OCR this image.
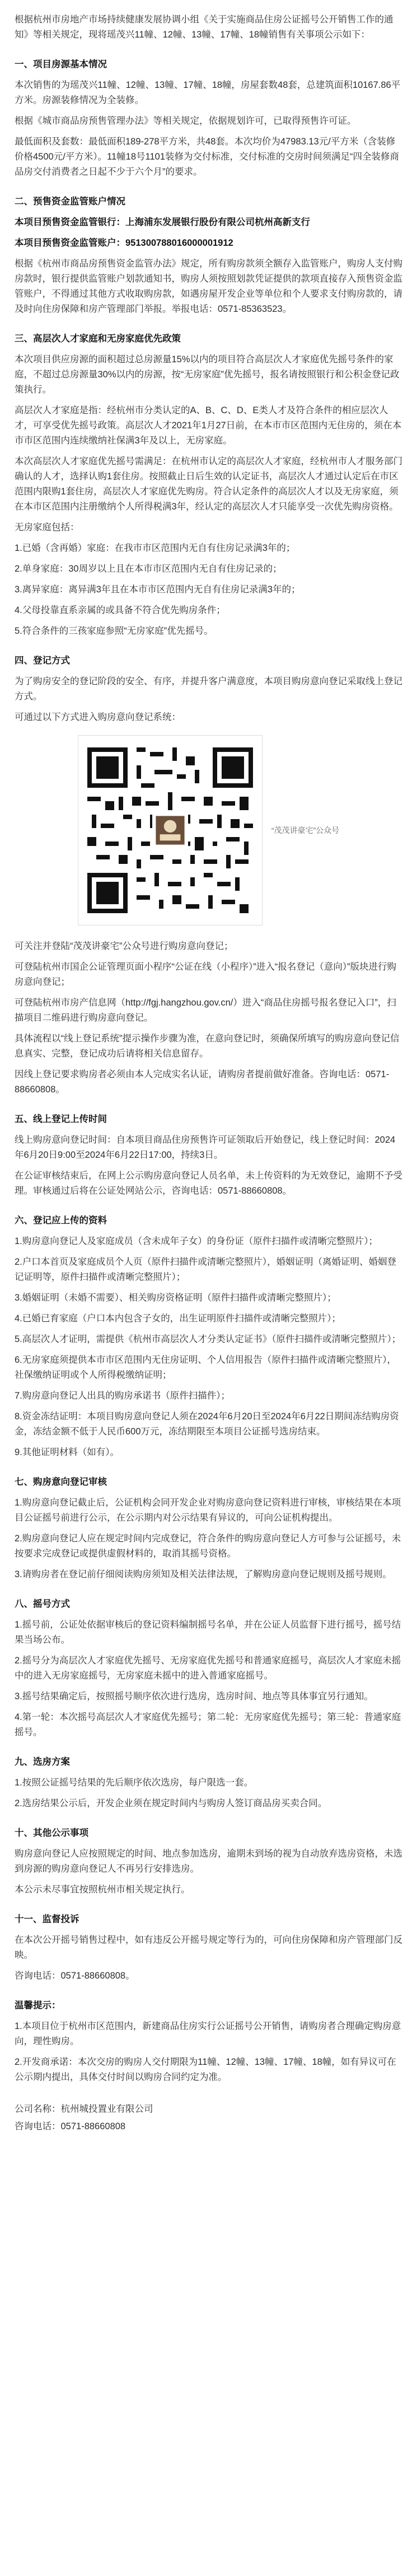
根据杭州市房地产市场持续健康发展协调小组《关于实施商品住房公证摇号公开销售工作的通知》等相关规定，现将瑶茂兴11幢、12幢、13幢、17幢、18幢销售有关事项公示如下：

一、项目房源基本情况

本次销售的为瑶茂兴11幢、12幢、13幢、17幢、18幢，房屋套数48套，总建筑面积10167.86平方米。房源装修情况为全装修。

根据《城市商品房预售管理办法》等相关规定，依据规划许可，已取得预售许可证。

最低面积及套数：最低面积189-278平方米，共48套。本次均价为47983.13元/平方米（含装修价格4500元/平方米）。11幢18号1101装修为交付标准，交付标准的交房时间须满足“四全装修商品房交付消费者之日起不少于六个月”的要求。

二、预售资金监管账户情况

本项目预售资金监管银行：上海浦东发展银行股份有限公司杭州高新支行

本项目预售资金监管账户：951300788016000001912

根据《杭州市商品房预售资金监管办法》规定，所有购房款须全额存入监管账户，购房人支付购房款时，银行提供监管账户划款通知书，购房人须按照划款凭证提供的款项直接存入预售资金监管账户，不得通过其他方式收取购房款，如遇房屋开发企业等单位和个人要求支付购房款的，请及时向住房保障和房产管理部门举报。举报电话：0571-85363523。

三、高层次人才家庭和无房家庭优先政策

本次项目供应房源的面积超过总房源量15%以内的项目符合高层次人才家庭优先摇号条件的家庭，不超过总房源量30%以内的房源，按“无房家庭”优先摇号，报名请按照银行和公积金登记政策执行。

高层次人才家庭是指：经杭州市分类认定的A、B、C、D、E类人才及符合条件的相应层次人才，可享受优先摇号政策。高层次人才2021年1月27日前，在本市市区范围内无住房的，须在本市市区范围内连续缴纳社保满3年及以上，无房家庭。

本次高层次人才家庭优先摇号需满足：在杭州市认定的高层次人才家庭，经杭州市人才服务部门确认的人才，选择认购1套住房。按照截止日后生效的认定证书，高层次人才通过认定后在市区范围内限购1套住房，高层次人才家庭优先购房。符合认定条件的高层次人才以及无房家庭，须在本市区范围内注册缴纳个人所得税满3年，经认定的高层次人才只能享受一次优先购房资格。

无房家庭包括：

1.已婚（含再婚）家庭：在我市市区范围内无自有住房记录满3年的；

2.单身家庭：30周岁以上且在本市市区范围内无自有住房记录的；

3.离异家庭：离异满3年且在本市市区范围内无自有住房记录满3年的；

4.父母投靠直系亲属的或具备不符合优先购房条件；

5.符合条件的三孩家庭参照“无房家庭”优先摇号。

四、登记方式

为了购房安全的登记阶段的安全、有序，并提升客户满意度，本项目购房意向登记采取线上登记方式。

可通过以下方式进入购房意向登记系统：

“茂茂讲豪宅”公众号

可关注并登陆“茂茂讲豪宅”公众号进行购房意向登记；

可登陆杭州市国企公证管理页面小程序“公证在线（小程序）”进入“报名登记（意向）”版块进行购房意向登记；

可登陆杭州市房产信息网（http://fgj.hangzhou.gov.cn/）进入“商品住房摇号报名登记入口”，扫描项目二维码进行购房意向登记。

具体流程以“线上登记系统”提示操作步骤为准，在意向登记时，须确保所填写的购房意向登记信息真实、完整，登记成功后请将相关信息留存。

因线上登记要求购房者必须由本人完成实名认证，请购房者提前做好准备。咨询电话：0571-88660808。

五、线上登记上传时间

线上购房意向登记时间：自本项目商品住房预售许可证领取后开始登记，线上登记时间：2024年6月20日9:00至2024年6月22日17:00，持续3日。

在公证审核结束后，在网上公示购房意向登记人员名单，未上传资料的为无效登记，逾期不予受理。审核通过后将在公证处网站公示，咨询电话：0571-88660808。

六、登记应上传的资料

1.购房意向登记人及家庭成员（含未成年子女）的身份证（原件扫描件或清晰完整照片）；

2.户口本首页及家庭成员个人页（原件扫描件或清晰完整照片），婚姻证明（离婚证明、婚姻登记证明等，原件扫描件或清晰完整照片）；

3.婚姻证明（未婚不需要）、相关购房资格证明（原件扫描件或清晰完整照片）；

4.已婚已育家庭（户口本内包含子女的，出生证明原件扫描件或清晰完整照片）；

5.高层次人才证明，需提供《杭州市高层次人才分类认定证书》（原件扫描件或清晰完整照片）；

6.无房家庭须提供本市市区范围内无住房证明、个人信用报告（原件扫描件或清晰完整照片），社保缴纳证明或个人所得税缴纳证明；

7.购房意向登记人出具的购房承诺书（原件扫描件）；

8.资金冻结证明：本项目购房意向登记人须在2024年6月20日至2024年6月22日期间冻结购房资金，冻结金额不低于人民币600万元，冻结期限至本项目公证摇号选房结束。

9.其他证明材料（如有）。

七、购房意向登记审核

1.购房意向登记截止后，公证机构会同开发企业对购房意向登记资料进行审核，审核结果在本项目公证摇号前进行公示，在公示期内对公示结果有异议的，可向公证机构提出。

2.购房意向登记人应在规定时间内完成登记，符合条件的购房意向登记人方可参与公证摇号，未按要求完成登记或提供虚假材料的，取消其摇号资格。

3.请购房者在登记前仔细阅读购房须知及相关法律法规，了解购房意向登记规则及摇号规则。

八、摇号方式

1.摇号前，公证处依据审核后的登记资料编制摇号名单，并在公证人员监督下进行摇号，摇号结果当场公布。

2.摇号分为高层次人才家庭优先摇号、无房家庭优先摇号和普通家庭摇号，高层次人才家庭未摇中的进入无房家庭摇号，无房家庭未摇中的进入普通家庭摇号。

3.摇号结果确定后，按照摇号顺序依次进行选房，选房时间、地点等具体事宜另行通知。

4.第一轮：本次摇号高层次人才家庭优先摇号；第二轮：无房家庭优先摇号；第三轮：普通家庭摇号。

九、选房方案

1.按照公证摇号结果的先后顺序依次选房，每户限选一套。

2.选房结果公示后，开发企业须在规定时间内与购房人签订商品房买卖合同。

十、其他公示事项

购房意向登记人应按照规定的时间、地点参加选房，逾期未到场的视为自动放弃选房资格，未选到房源的购房意向登记人不再另行安排选房。

本公示未尽事宜按照杭州市相关规定执行。

十一、监督投诉

在本次公开摇号销售过程中，如有违反公开摇号规定等行为的，可向住房保障和房产管理部门反映。

咨询电话：0571-88660808。

温馨提示：

1.本项目位于杭州市区范围内，新建商品住房实行公证摇号公开销售，请购房者合理确定购房意向，理性购房。

2.开发商承诺：本次交房的购房人交付期限为11幢、12幢、13幢、17幢、18幢，如有异议可在公示期内提出，具体交付时间以购房合同约定为准。

公司名称：杭州城投置业有限公司

咨询电话：0571-88660808
